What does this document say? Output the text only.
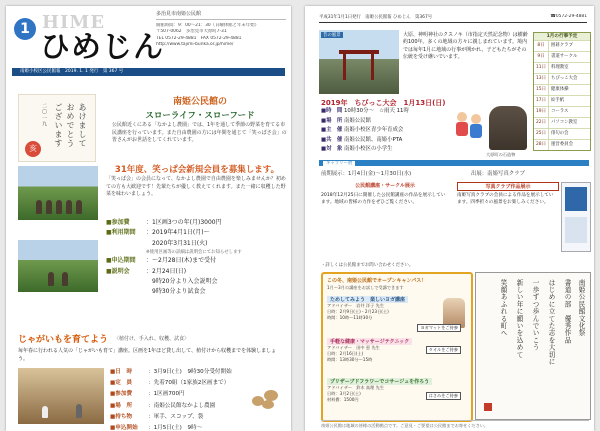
1 HIME
ひめじん
多治見市南姫公民館
開館時間：9：00～21：30（日曜休館と年末年始）
〒507-0062　多治見市大原町7-31
TEL 0572-29-4881　FAX 0572-29-4881
http://www.tajimi-bunka.or.jp/hime/
南姫小校区公民館報　2019. 1. 1 発行　第 367 号
あけまして
おめでとう
ございます
二〇一九
亥
南姫公民館の
スローライフ・スローフード
公民館近くにある「なかよし農園」では、1年を通して季節の野菜を育てる市民講座を行っています。また自由農園の方には年間を通じて「笑っぱさ会」の皆さんがお世話をしてくれています。
31年度、笑っぱ会新規会員を募集します。
「笑っぱ会」の会員になって、なかよし農園で自由農園を楽しみませんか？初めての方も大歓迎です！先輩たちが優しく教えてくれます。また一緒に収穫した野菜を味わいましょう。
■参加費	：1区画3つの年(月)3000円
■利用期間	：2019年4月1日(月)～
　2020年3月31日(火)
※使用区画等の詳細は説明会にてお知らせします
■申込期間	：～2月28日(木)まで受付
■説明会	：2月24日(日)
　9時20分より入会説明会
　9時30分より試食会
じゃがいもを育てよう 〈植付け、手入れ、収穫、試食〉
毎年春に行われる人気の「じゃがいも育て」講座。区画を1年ほど貸し出して、植付けから収穫までを体験しましょう。
■日　時	：3月9日(土)　9時30分受付開始
■定　員	：先着70組（1家族2区画まで）
■参加費	：1区画700円
■場　所	：南姫公民館なかよし農園
■持ち物	：軍手、スコップ、袋
■申込開始 ：1月5日(土)　9時～
平成31年1月1日発行　南姫公民館報 ひめじん　第367号	☎0572-29-4881
昔の風景	大原、神明神社のクスノキ（市指定天然記念物）は樹齢約100年。多くの地域の方々に親しまれています。境内では毎年1月に地域の行事が開かれ、子どもたちがその伝統を受け継いでいます。
1月の行事予定
8日	囲碁クラブ
9日	書道サークル
11日	料理教室
13日	ちびっこ大会
15日	健康体操
17日	絵手紙
19日	コーラス
22日	パソコン教室
25日	俳句の会
28日	運営委員会
2019年　ちびっこ大会　1月13日(日)
■時　間 10時30分～　☆雨天 11時
■場　所 南姫公民館
■主　催 南姫小校区青少年育成会
■共　催 南姫公民館、南姫小PTA
■対　象 南姫小校区の小学生
大原町の石造物
ギャラリー展
前期展示：1月4日(金)～1月30日(水)	出展：南姫写真クラブ
公民館講座・サークル展示	写真クラブ作品展示
2018年12月25日に開催した公民館講座の作品を展示しています。地域の皆様の力作をぜひご覧ください。
南姫写真クラブの会員による作品を展示しています。四季折々の風景をお楽しみください。
・詳しくは公民館までお問い合わせください。
この冬、南姫公民館でオープンキャンパス！
1月～3月の講座をお試しで受講できます
ためしてみよう　楽しいヨガ講座
アドバイザー　岩井 洋子 先生
日時：2月9日(土)・2月23日(土)
時間：10時～11時30分
ヨガマットをご持参
手軽な健康・マッサージテクニック
アドバイザー　田中 恵 先生
日時：2月16日(土)
時間：13時30分～15時
タオルをご持参
プリザーブドフラワーでコサージュを作ろう
アドバイザー　鈴木 真理 先生
日時：3月2日(土)
材料費：1500円
はさみをご持参
南姫公民館文化祭
書道の部　優秀作品
はじめに立てた志を大切に
一歩ずつ歩んでいこう
新しい年に願いを込めて
笑顔あふれる町へ
南姫公民館は地域の皆様の活動拠点です。ご意見・ご要望は公民館までお寄せください。
